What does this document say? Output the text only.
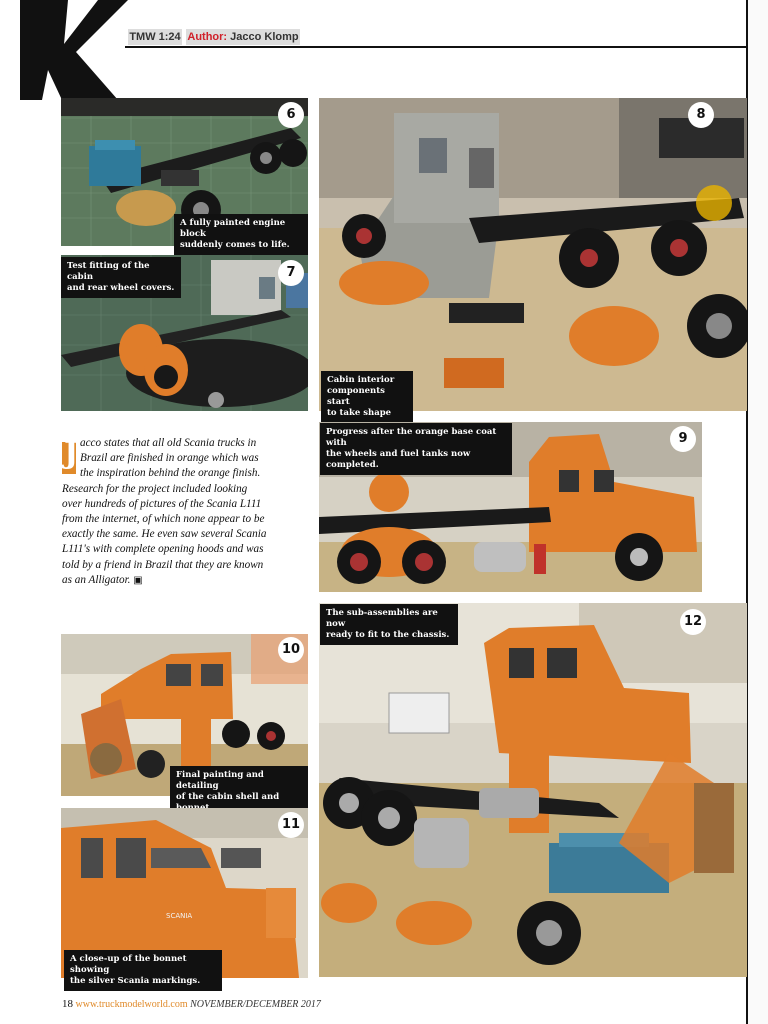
TMW 1:24 Author: Jacco Klomp
6
A fully painted engine block
suddenly comes to life.
7
Test fitting of the cabin
and rear wheel covers.
8
Cabin interior
components start
to take shape
J acco states that all old Scania trucks in
Brazil are finished in orange which was
the inspiration behind the orange finish.
Research for the project included looking
over hundreds of pictures of the Scania L111
from the internet, of which none appear to be
exactly the same. He even saw several Scania
L111's with complete opening hoods and was
told by a friend in Brazil that they are known
as an Alligator. ▣
9
Progress after the orange base coat with
the wheels and fuel tanks now completed.
10
Final painting and detailing
of the cabin shell and
SCANIA
11
A close-up of the bonnet showing
the silver Scania markings.
12
The sub-assemblies are now
ready to fit to the chassis.
18 www.truckmodelworld.com NOVEMBER/DECEMBER 2017
